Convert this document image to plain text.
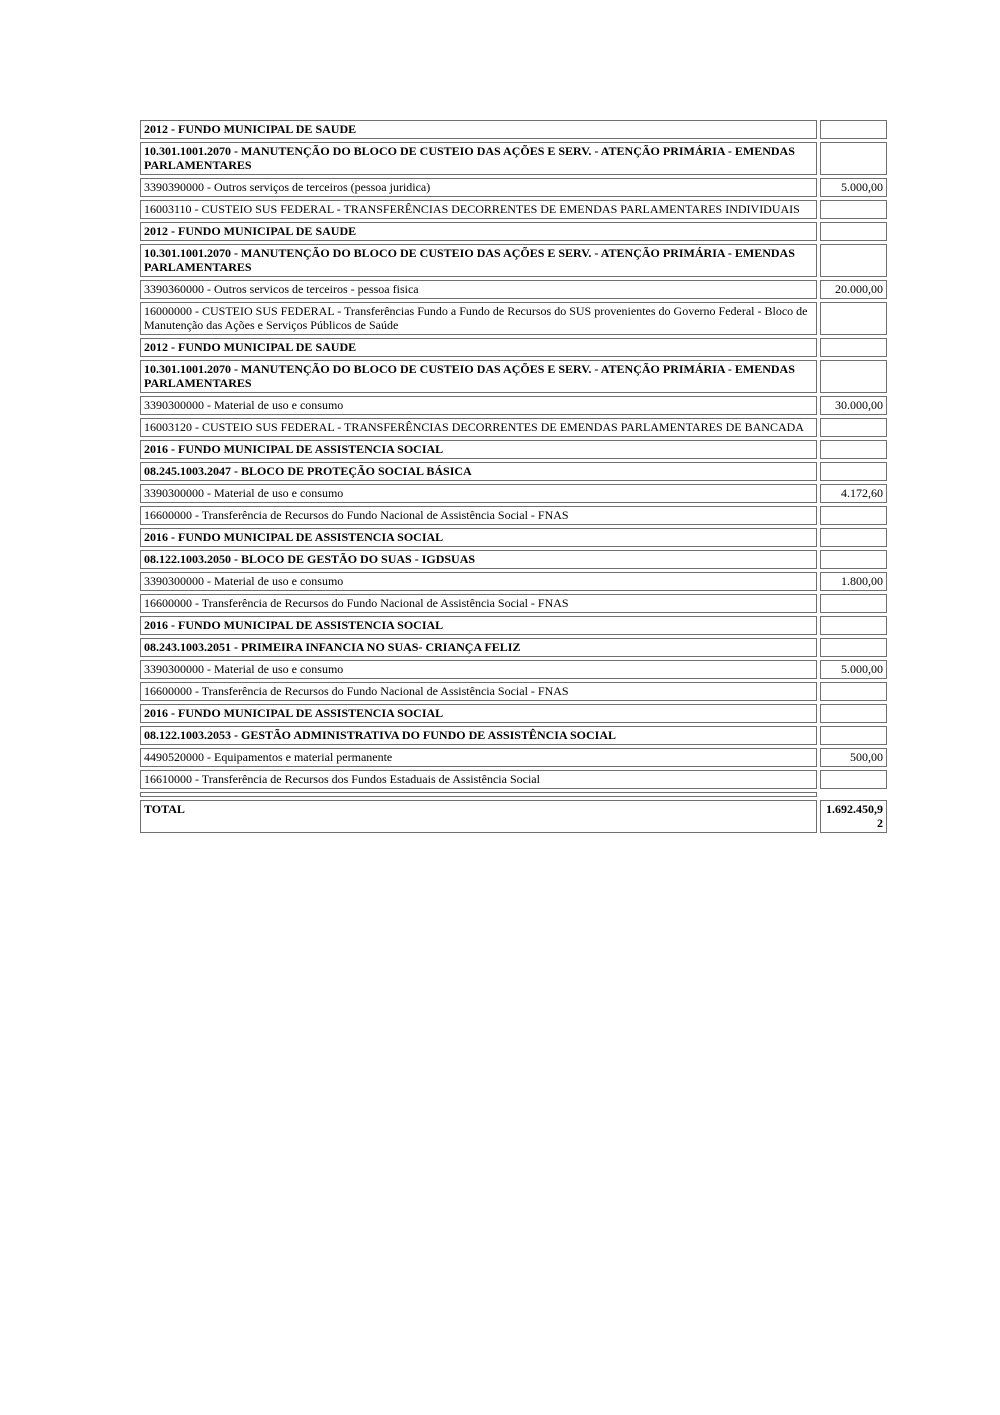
2012 - FUNDO MUNICIPAL DE SAUDE	
10.301.1001.2070 - MANUTENÇÃO DO BLOCO DE CUSTEIO DAS AÇÕES E SERV. - ATENÇÃO PRIMÁRIA - EMENDAS PARLAMENTARES	
3390390000 - Outros serviços de terceiros (pessoa juridica)	5.000,00
16003110 - CUSTEIO SUS FEDERAL - TRANSFERÊNCIAS DECORRENTES DE EMENDAS PARLAMENTARES INDIVIDUAIS	
2012 - FUNDO MUNICIPAL DE SAUDE	
10.301.1001.2070 - MANUTENÇÃO DO BLOCO DE CUSTEIO DAS AÇÕES E SERV. - ATENÇÃO PRIMÁRIA - EMENDAS PARLAMENTARES	
3390360000 - Outros servicos de terceiros - pessoa fisica	20.000,00
16000000 - CUSTEIO SUS FEDERAL - Transferências Fundo a Fundo de Recursos do SUS provenientes do Governo Federal - Bloco de Manutenção das Ações e Serviços Públicos de Saúde	
2012 - FUNDO MUNICIPAL DE SAUDE	
10.301.1001.2070 - MANUTENÇÃO DO BLOCO DE CUSTEIO DAS AÇÕES E SERV. - ATENÇÃO PRIMÁRIA - EMENDAS PARLAMENTARES	
3390300000 - Material de uso e consumo	30.000,00
16003120 - CUSTEIO SUS FEDERAL - TRANSFERÊNCIAS DECORRENTES DE EMENDAS PARLAMENTARES DE BANCADA	
2016 - FUNDO MUNICIPAL DE ASSISTENCIA SOCIAL	
08.245.1003.2047 - BLOCO DE PROTEÇÃO SOCIAL BÁSICA	
3390300000 - Material de uso e consumo	4.172,60
16600000 - Transferência de Recursos do Fundo Nacional de Assistência Social - FNAS	
2016 - FUNDO MUNICIPAL DE ASSISTENCIA SOCIAL	
08.122.1003.2050 - BLOCO DE GESTÃO DO SUAS - IGDSUAS	
3390300000 - Material de uso e consumo	1.800,00
16600000 - Transferência de Recursos do Fundo Nacional de Assistência Social - FNAS	
2016 - FUNDO MUNICIPAL DE ASSISTENCIA SOCIAL	
08.243.1003.2051 - PRIMEIRA INFANCIA NO SUAS- CRIANÇA FELIZ	
3390300000 - Material de uso e consumo	5.000,00
16600000 - Transferência de Recursos do Fundo Nacional de Assistência Social - FNAS	
2016 - FUNDO MUNICIPAL DE ASSISTENCIA SOCIAL	
08.122.1003.2053 - GESTÃO ADMINISTRATIVA DO FUNDO DE ASSISTÊNCIA SOCIAL	
4490520000 - Equipamentos e material permanente	500,00
16610000 - Transferência de Recursos dos Fundos Estaduais de Assistência Social	

TOTAL	1.692.450,92
